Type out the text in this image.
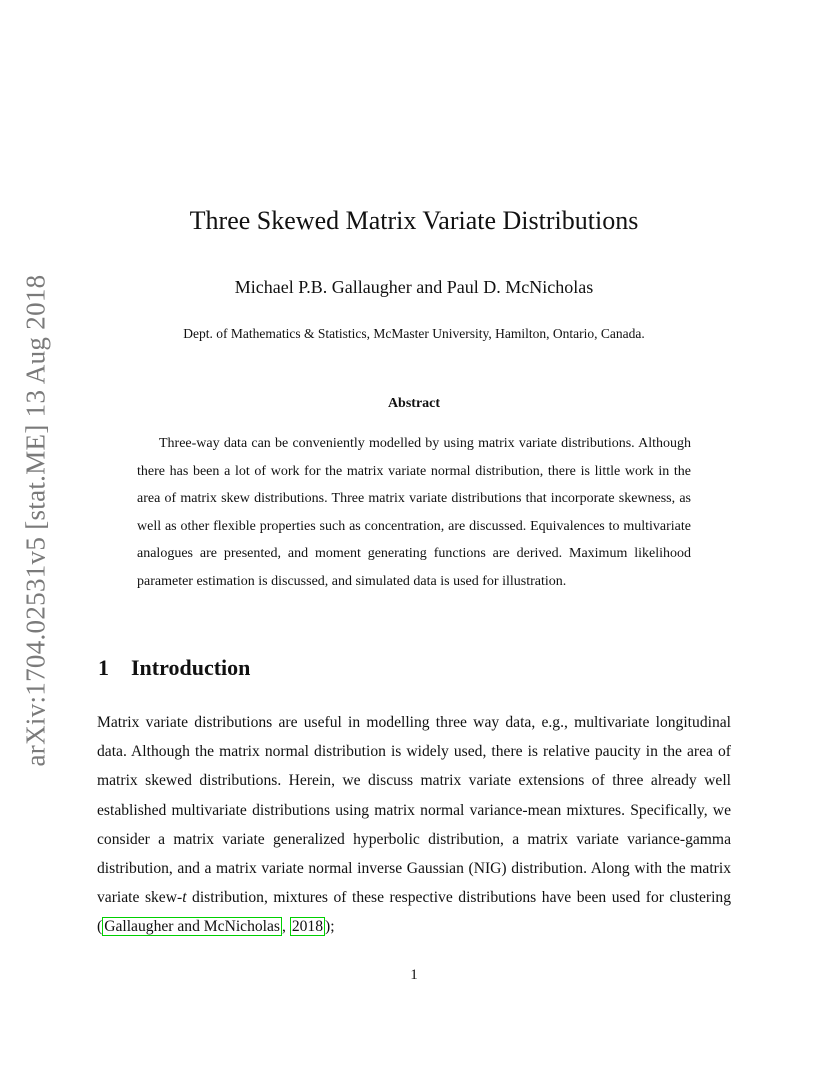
arXiv:1704.02531v5 [stat.ME] 13 Aug 2018
Three Skewed Matrix Variate Distributions
Michael P.B. Gallaugher and Paul D. McNicholas
Dept. of Mathematics & Statistics, McMaster University, Hamilton, Ontario, Canada.
Abstract

Three-way data can be conveniently modelled by using matrix variate distributions. Although there has been a lot of work for the matrix variate normal distribution, there is little work in the area of matrix skew distributions. Three matrix variate distributions that incorporate skewness, as well as other flexible properties such as concentration, are discussed. Equivalences to multivariate analogues are presented, and moment generating functions are derived. Maximum likelihood parameter estimation is discussed, and simulated data is used for illustration.

1 Introduction

Matrix variate distributions are useful in modelling three way data, e.g., multivariate longitudinal data. Although the matrix normal distribution is widely used, there is relative paucity in the area of matrix skewed distributions. Herein, we discuss matrix variate extensions of three already well established multivariate distributions using matrix normal variance-mean mixtures. Specifically, we consider a matrix variate generalized hyperbolic distribution, a matrix variate variance-gamma distribution, and a matrix variate normal inverse Gaussian (NIG) distribution. Along with the matrix variate skew-t distribution, mixtures of these respective distributions have been used for clustering ( Gallaugher and McNicholas , 2018 );

1
